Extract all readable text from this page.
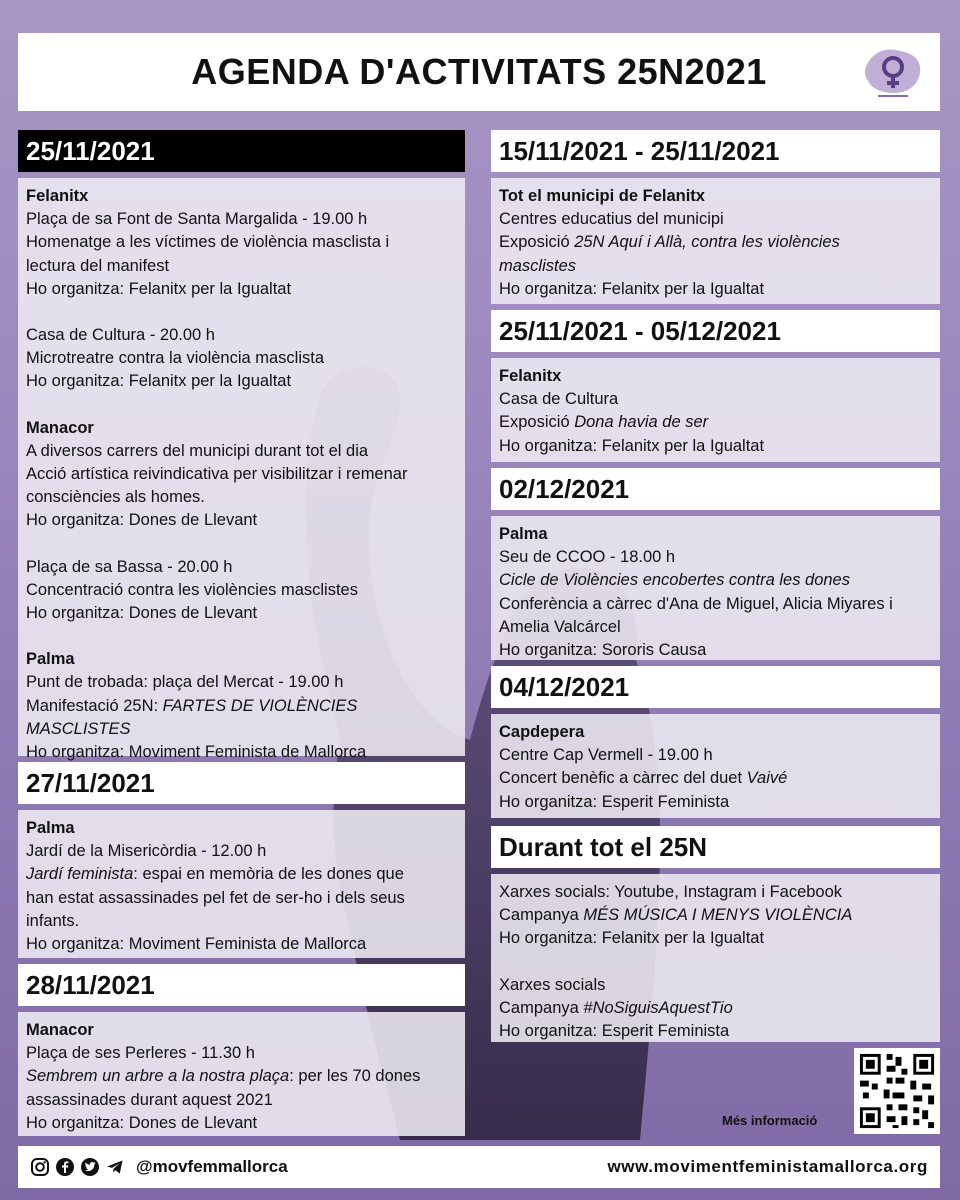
AGENDA D'ACTIVITATS 25N2021
25/11/2021

Felanitx

Plaça de sa Font de Santa Margalida - 19.00 h

Homenatge a les víctimes de violència masclista i

lectura del manifest

Ho organitza: Felanitx per la Igualtat

Casa de Cultura - 20.00 h

Microtreatre contra la violència masclista

Ho organitza: Felanitx per la Igualtat

Manacor

A diversos carrers del municipi durant tot el dia

Acció artística reivindicativa per visibilitzar i remenar

consciències als homes.

Ho organitza: Dones de Llevant

Plaça de sa Bassa - 20.00 h

Concentració contra les violències masclistes

Ho organitza: Dones de Llevant

Palma

Punt de trobada: plaça del Mercat - 19.00 h

Manifestació 25N: FARTES DE VIOLÈNCIES

MASCLISTES

Ho organitza: Moviment Feminista de Mallorca

27/11/2021

Palma

Jardí de la Misericòrdia - 12.00 h

Jardí feminista: espai en memòria de les dones que

han estat assassinades pel fet de ser-ho i dels seus

infants.

Ho organitza: Moviment Feminista de Mallorca

28/11/2021

Manacor

Plaça de ses Perleres - 11.30 h

Sembrem un arbre a la nostra plaça: per les 70 dones

assassinades durant aquest 2021

Ho organitza: Dones de Llevant

15/11/2021 - 25/11/2021

Tot el municipi de Felanitx

Centres educatius del municipi

Exposició 25N Aquí i Allà, contra les violències

masclistes

Ho organitza: Felanitx per la Igualtat

25/11/2021 - 05/12/2021

Felanitx

Casa de Cultura

Exposició Dona havia de ser

Ho organitza: Felanitx per la Igualtat

02/12/2021

Palma

Seu de CCOO - 18.00 h

Cicle de Violències encobertes contra les dones

Conferència a càrrec d'Ana de Miguel, Alicia Miyares i

Amelia Valcárcel

Ho organitza: Sororis Causa

04/12/2021

Capdepera

Centre Cap Vermell - 19.00 h

Concert benèfic a càrrec del duet Vaivé

Ho organitza: Esperit Feminista

Durant tot el 25N

Xarxes socials: Youtube, Instagram i Facebook

Campanya MÉS MÚSICA I MENYS VIOLÈNCIA

Ho organitza: Felanitx per la Igualtat

Xarxes socials

Campanya #NoSiguisAquestTio

Ho organitza: Esperit Feminista

Més informació
@movfemmallorca	www.movimentfeministamallorca.org
